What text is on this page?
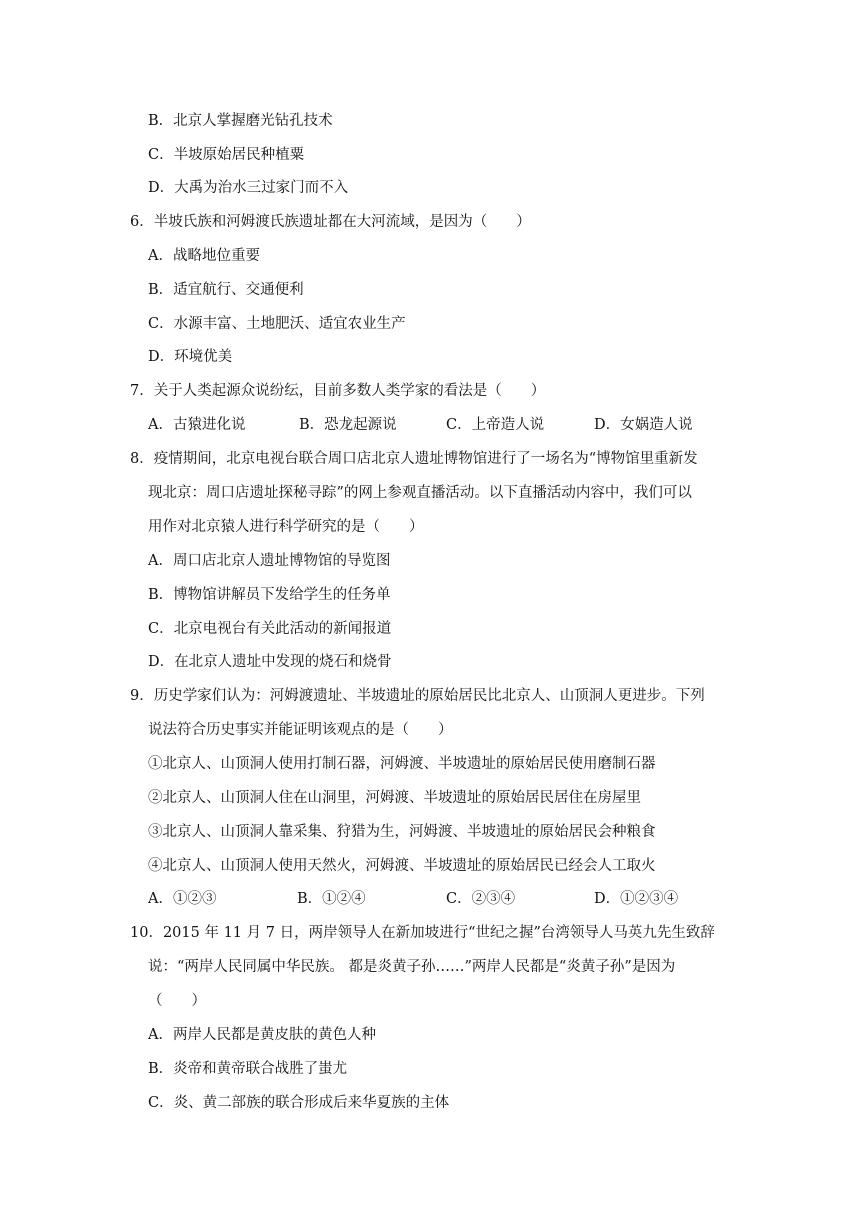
B．北京人掌握磨光钻孔技术
C．半坡原始居民种植粟
D．大禹为治水三过家门而不入
6．半坡氏族和河姆渡氏族遗址都在大河流域，是因为（　　）
A．战略地位重要
B．适宜航行、交通便利
C．水源丰富、土地肥沃、适宜农业生产
D．环境优美
7．关于人类起源众说纷纭，目前多数人类学家的看法是（　　）
A．古猿进化说	B．恐龙起源说	C．上帝造人说	D．女娲造人说
8．疫情期间，北京电视台联合周口店北京人遗址博物馆进行了一场名为“博物馆里重新发
现北京：周口店遗址探秘寻踪”的网上参观直播活动。以下直播活动内容中，我们可以
用作对北京猿人进行科学研究的是（　　）
A．周口店北京人遗址博物馆的导览图
B．博物馆讲解员下发给学生的任务单
C．北京电视台有关此活动的新闻报道
D．在北京人遗址中发现的烧石和烧骨
9．历史学家们认为：河姆渡遗址、半坡遗址的原始居民比北京人、山顶洞人更进步。下列
说法符合历史事实并能证明该观点的是（　　）
①北京人、山顶洞人使用打制石器，河姆渡、半坡遗址的原始居民使用磨制石器
②北京人、山顶洞人住在山洞里，河姆渡、半坡遗址的原始居民居住在房屋里
③北京人、山顶洞人靠采集、狩猎为生，河姆渡、半坡遗址的原始居民会种粮食
④北京人、山顶洞人使用天然火，河姆渡、半坡遗址的原始居民已经会人工取火
A．①②③	B．①②④	C．②③④	D．①②③④
10．2015 年 11 月 7 日，两岸领导人在新加坡进行“世纪之握”台湾领导人马英九先生致辞
说：“两岸人民同属中华民族。 都是炎黄子孙……”两岸人民都是“炎黄子孙”是因为
（　　）
A．两岸人民都是黄皮肤的黄色人种
B．炎帝和黄帝联合战胜了蚩尤
C．炎、黄二部族的联合形成后来华夏族的主体
